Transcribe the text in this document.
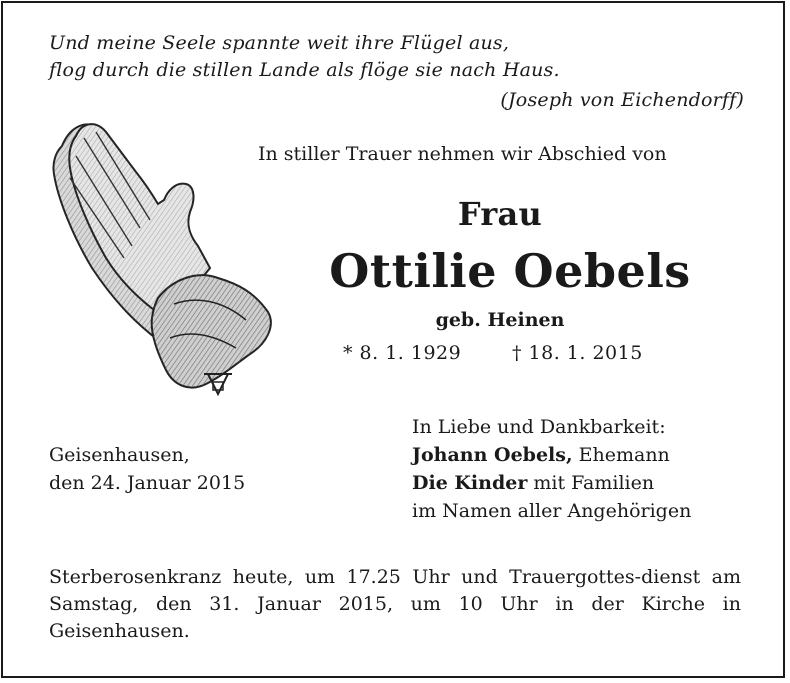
Und meine Seele spannte weit ihre Flügel aus,
flog durch die stillen Lande als flöge sie nach Haus.
(Joseph von Eichendorff)
In stiller Trauer nehmen wir Abschied von
Frau
Ottilie Oebels
geb. Heinen
* 8. 1. 1929	† 18. 1. 2015
In Liebe und Dankbarkeit:
Johann Oebels, Ehemann
Die Kinder mit Familien
im Namen aller Angehörigen
Geisenhausen,
den 24. Januar 2015
Sterberosenkranz heute, um 17.25 Uhr und Trauergottes-dienst am Samstag, den 31. Januar 2015, um 10 Uhr in der Kirche in Geisenhausen.
